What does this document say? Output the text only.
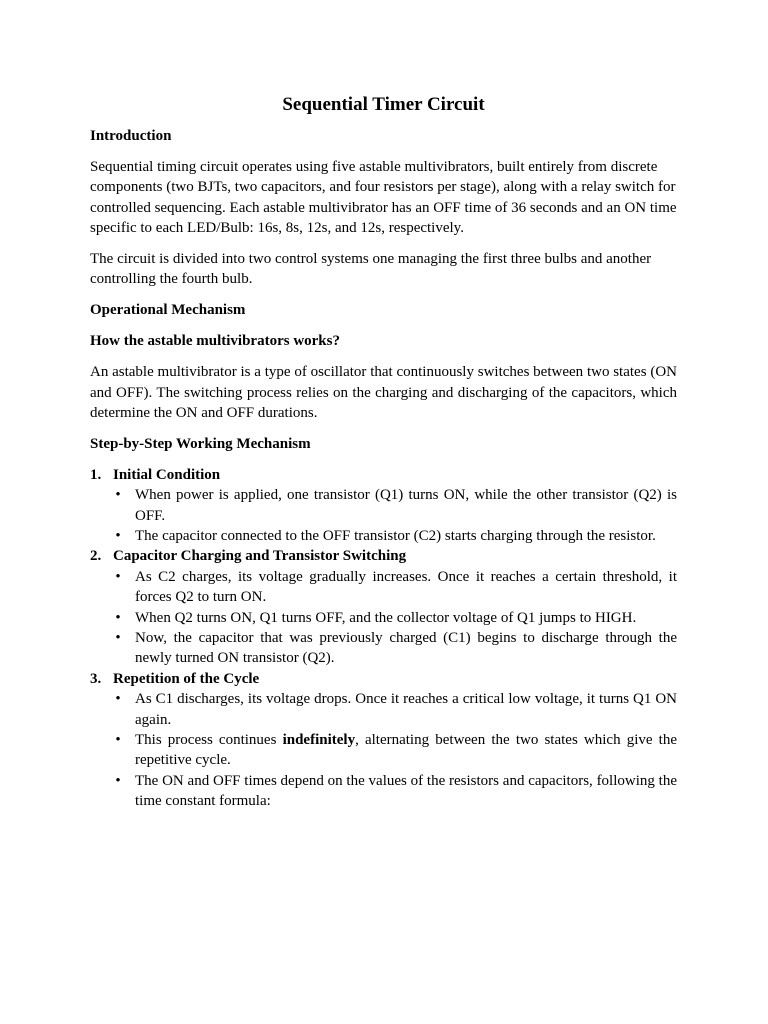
Sequential Timer Circuit
Introduction
Sequential timing circuit operates using five astable multivibrators, built entirely from discrete components (two BJTs, two capacitors, and four resistors per stage), along with a relay switch for controlled sequencing. Each astable multivibrator has an OFF time of 36 seconds and an ON time specific to each LED/Bulb: 16s, 8s, 12s, and 12s, respectively.
The circuit is divided into two control systems one managing the first three bulbs and another controlling the fourth bulb.
Operational Mechanism
How the astable multivibrators works?
An astable multivibrator is a type of oscillator that continuously switches between two states (ON and OFF). The switching process relies on the charging and discharging of the capacitors, which determine the ON and OFF durations.
Step-by-Step Working Mechanism
1. Initial Condition
• When power is applied, one transistor (Q1) turns ON, while the other transistor (Q2) is OFF.
• The capacitor connected to the OFF transistor (C2) starts charging through the resistor.
2. Capacitor Charging and Transistor Switching
• As C2 charges, its voltage gradually increases. Once it reaches a certain threshold, it forces Q2 to turn ON.
• When Q2 turns ON, Q1 turns OFF, and the collector voltage of Q1 jumps to HIGH.
• Now, the capacitor that was previously charged (C1) begins to discharge through the newly turned ON transistor (Q2).
3. Repetition of the Cycle
• As C1 discharges, its voltage drops. Once it reaches a critical low voltage, it turns Q1 ON again.
• This process continues indefinitely, alternating between the two states which give the repetitive cycle.
• The ON and OFF times depend on the values of the resistors and capacitors, following the time constant formula:
